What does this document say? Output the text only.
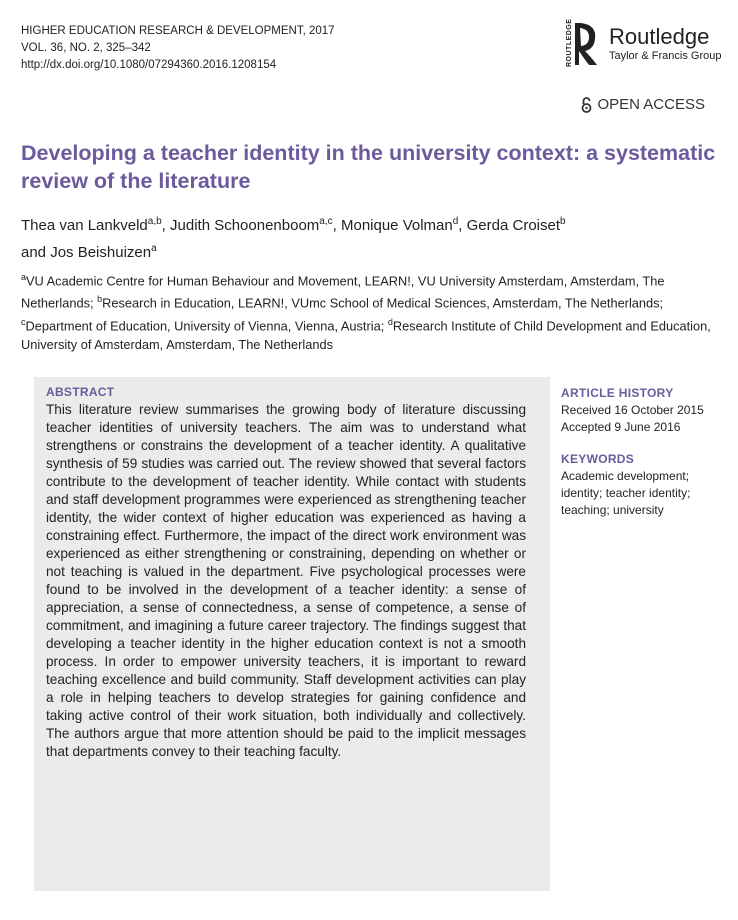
HIGHER EDUCATION RESEARCH & DEVELOPMENT, 2017
VOL. 36, NO. 2, 325–342
http://dx.doi.org/10.1080/07294360.2016.1208154	ROUTLEDGE Routledge
Taylor & Francis Group
OPEN ACCESS
Developing a teacher identity in the university context: a systematic review of the literature
Thea van Lankveld$^{a,b}$, Judith Schoonenboom$^{a,c}$, Monique Volman$^d$, Gerda Croiset$^b$
and Jos Beishuizen$^a$
$^a$VU Academic Centre for Human Behaviour and Movement, LEARN!, VU University Amsterdam, Amsterdam, The Netherlands; $^b$Research in Education, LEARN!, VUmc School of Medical Sciences, Amsterdam, The Netherlands; $^c$Department of Education, University of Vienna, Vienna, Austria; $^d$Research Institute of Child Development and Education, University of Amsterdam, Amsterdam, The Netherlands
ABSTRACT
This literature review summarises the growing body of literature discussing teacher identities of university teachers. The aim was to understand what strengthens or constrains the development of a teacher identity. A qualitative synthesis of 59 studies was carried out. The review showed that several factors contribute to the development of teacher identity. While contact with students and staff development programmes were experienced as strengthening teacher identity, the wider context of higher education was experienced as having a constraining effect. Furthermore, the impact of the direct work environment was experienced as either strengthening or constraining, depending on whether or not teaching is valued in the department. Five psychological processes were found to be involved in the development of a teacher identity: a sense of appreciation, a sense of connectedness, a sense of competence, a sense of commitment, and imagining a future career trajectory. The findings suggest that developing a teacher identity in the higher education context is not a smooth process. In order to empower university teachers, it is important to reward teaching excellence and build community. Staff development activities can play a role in helping teachers to develop strategies for gaining confidence and taking active control of their work situation, both individually and collectively. The authors argue that more attention should be paid to the implicit messages that departments convey to their teaching faculty.
ARTICLE HISTORY
Received 16 October 2015
Accepted 9 June 2016
KEYWORDS
Academic development; identity; teacher identity; teaching; university
